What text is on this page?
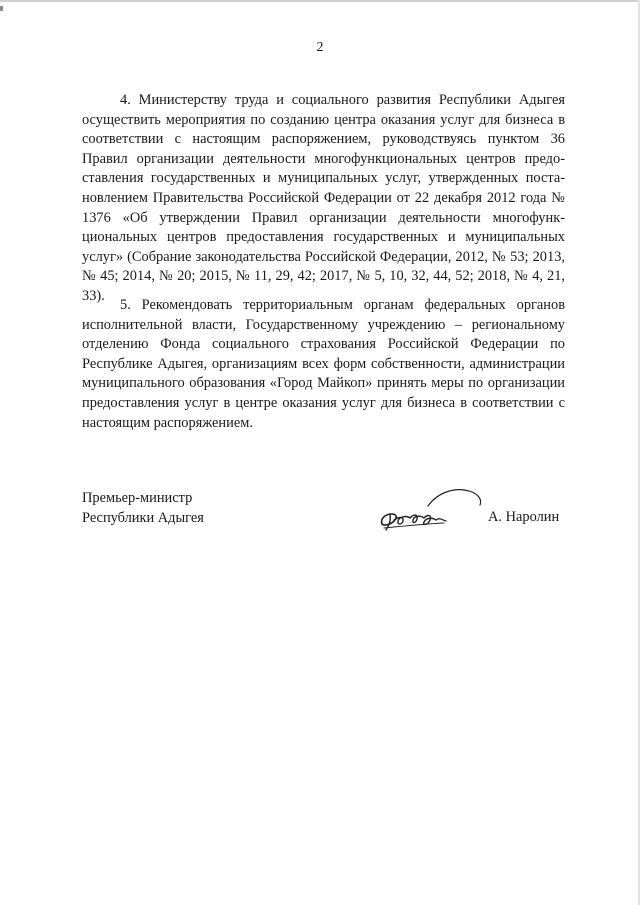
2

4. Министерству труда и социального развития Республики Адыгея осуществить мероприятия по созданию центра оказания услуг для бизнеса в соответствии с настоящим распоряжением, руководствуясь пунктом 36 Правил организации деятельности многофункциональных центров предоставления государственных и муниципальных услуг, утвержденных постановлением Правительства Российской Федерации от 22 декабря 2012 года № 1376 «Об утверждении Правил организации деятельности многофункциональных центров предоставления государственных и муниципальных услуг» (Собрание законодательства Российской Федерации, 2012, № 53; 2013, № 45; 2014, № 20; 2015, № 11, 29, 42; 2017, № 5, 10, 32, 44, 52; 2018, № 4, 21, 33).

5. Рекомендовать территориальным органам федеральных органов исполнительной власти, Государственному учреждению – региональному отделению Фонда социального страхования Российской Федерации по Республике Адыгея, организациям всех форм собственности, администрации муниципального образования «Город Майкоп» принять меры по организации предоставления услуг в центре оказания услуг для бизнеса в соответствии с настоящим распоряжением.

Премьер-министр
Республики Адыгея	А. Наролин
